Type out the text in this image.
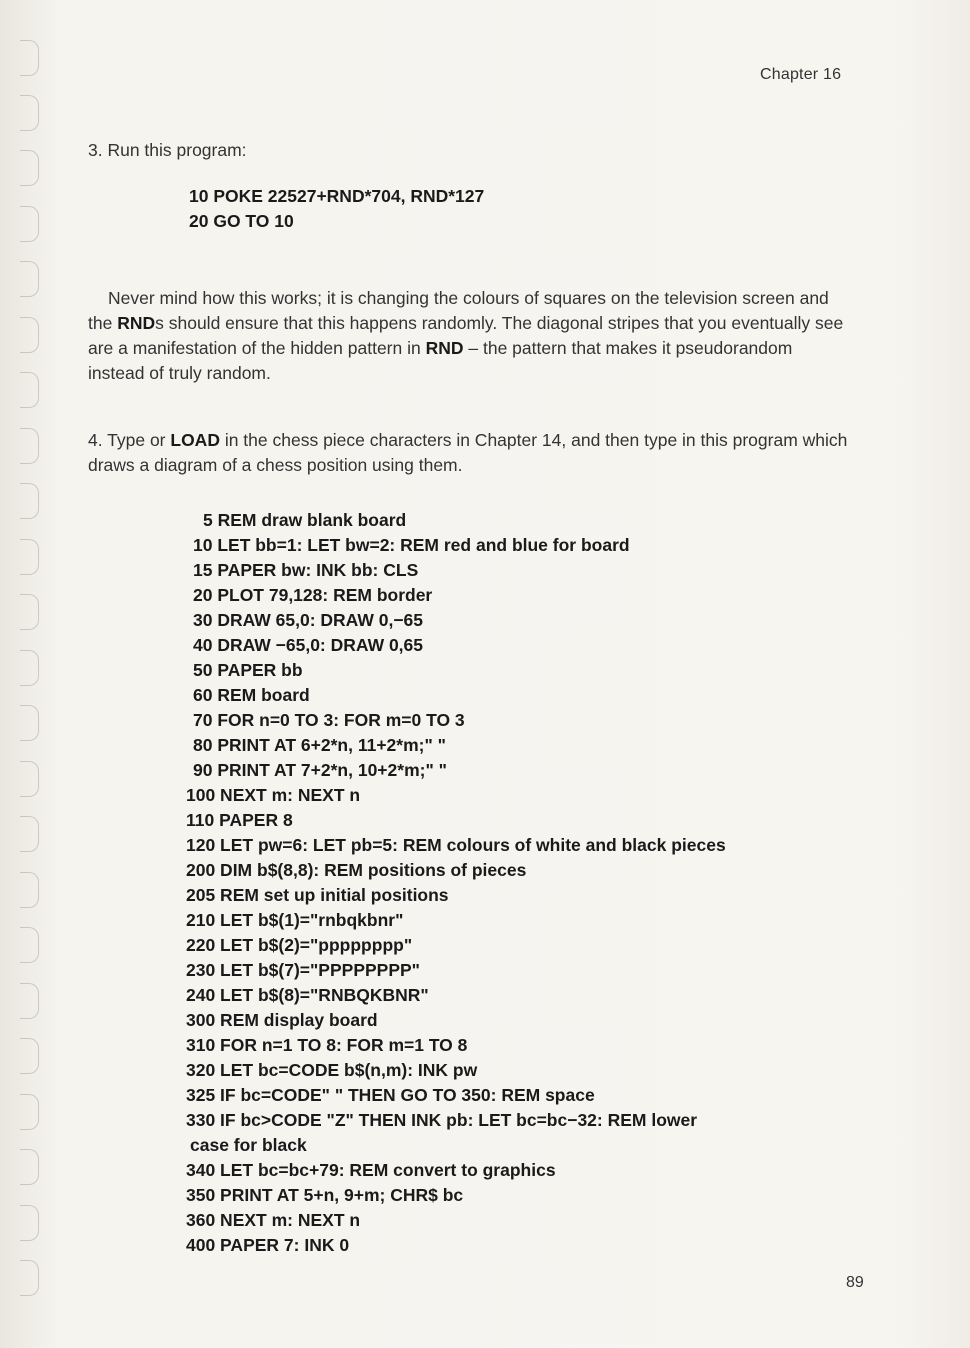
Chapter 16
3. Run this program:
10 POKE 22527+RND*704, RND*127
20 GO TO 10
Never mind how this works; it is changing the colours of squares on the television screen and the RNDs should ensure that this happens randomly. The diagonal stripes that you eventually see are a manifestation of the hidden pattern in RND – the pattern that makes it pseudorandom instead of truly random.
4. Type or LOAD in the chess piece characters in Chapter 14, and then type in this program which draws a diagram of a chess position using them.
5 REM draw blank board
10 LET bb=1: LET bw=2: REM red and blue for board
15 PAPER bw: INK bb: CLS
20 PLOT 79,128: REM border
30 DRAW 65,0: DRAW 0,−65
40 DRAW −65,0: DRAW 0,65
50 PAPER bb
60 REM board
70 FOR n=0 TO 3: FOR m=0 TO 3
80 PRINT AT 6+2*n, 11+2*m;" "
90 PRINT AT 7+2*n, 10+2*m;" "
100 NEXT m: NEXT n
110 PAPER 8
120 LET pw=6: LET pb=5: REM colours of white and black pieces
200 DIM b$(8,8): REM positions of pieces
205 REM set up initial positions
210 LET b$(1)="rnbqkbnr"
220 LET b$(2)="pppppppp"
230 LET b$(7)="PPPPPPPP"
240 LET b$(8)="RNBQKBNR"
300 REM display board
310 FOR n=1 TO 8: FOR m=1 TO 8
320 LET bc=CODE b$(n,m): INK pw
325 IF bc=CODE" " THEN GO TO 350: REM space
330 IF bc>CODE "Z" THEN INK pb: LET bc=bc−32: REM lower
case for black
340 LET bc=bc+79: REM convert to graphics
350 PRINT AT 5+n, 9+m; CHR$ bc
360 NEXT m: NEXT n
400 PAPER 7: INK 0
89
